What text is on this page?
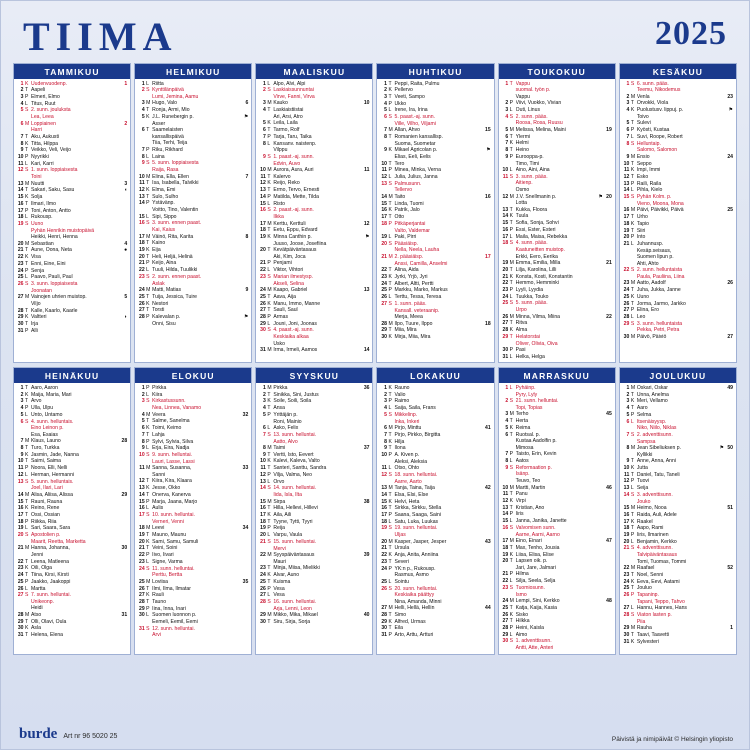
TIIMA	2025
TAMMIKUU
1 K Uudenvuodenp.	1
2 T Aapeli
3 P Elmeri, Elmo
4 L Titus, Ruut
5 S 2. sunn. jouluksta
Lea, Leea
6 M Loppiainen	2
Harri
7 T Aku, Aukusti
8 K Titta, Hilppa
9 T Veikko, Veli, Veijo
10 P Nyyrikki
11 L Kari, Karri
12 S 1. sunn. loppiaisesta
Toini
13 M Nuutti	3
14 T Sakari, Saku, Sasu
◖
15 K Solja
16 T Ilmari, Ilmo
17 P Toni, Anton, Antto
18 L Rukousp.
19 S Uuno
Pyhän Henrikin muistopäivä
Heikki, Henri, Henna
20 M Sebastian	4
21 T Aune, Oona, Neta
●
22 K Visa
23 T Enni, Eine, Eini
24 P Senja
25 L Paavo, Pauli, Paul
26 S 3. sunn. loppiaisesta
Joonatan
27 M Vainojen uhrien muistop.	5
Viljo
28 T Kalle, Kaarlo, Kaarle
29 K Valtteri
◗
30 T Irja
31 P Alli
HELMIKUU
1 L Riitta
2 S Kynttilänpäivä
Lumi, Jemina, Aamu
3 M Hugo, Valo	6
4 T Ronja, Armi, Mio
5 K J.L. Runebergin p.	⚑
Asser
6 T Saamelaisten
kansallispäivä
Tiia, Terhi, Teija
7 P Riku, Rikhard
8 L Laina
9 S 5. sunn. loppiaisesta
Raija, Rasa
10 M Elina, Ella, Ellen	7
11 T Isa, Isabella, Talvikki
12 K Elma, Emi
13 T Sulo, Sulho
14 P Ystävänp.
Voitto, Tino, Valentin
15 L Sipi, Sippo
16 S 3. sunn. ennen paast.
Kai, Kaius
17 M Väinö, Rita, Karita	8
18 T Kaino
19 K Eija
20 T Heli, Heljä, Helinä
21 P Keijo, Aina
22 L Tuuli, Hilda, Tuulikki
23 S 2. sunn. ennen paast.
Aslak
24 M Matti, Matias	9
25 T Tuija, Jessica, Tuire
26 K Nestori
27 T Torsti
28 P Kalevalan p.	⚑
Onni, Sisu
MAALISKUU
1 L Alpo, Alvi, Alpi
2 S Laskiaissunnuntai
Virve, Fanni, Virva
3 M Kauko	10
4 T Laskiaistiistai
Ari, Arsi, Atro
5 K Leila, Laila
6 T Tarmo, Rolf
7 P Tarja, Taru, Taika
8 L Kansanv. naistenp.
Vilppu
9 S 1. paast.-aj. sunn.
Edvin, Auvo
10 M Aurora, Aura, Auri	11
11 T Kalervo
12 K Reijo, Reko
13 T Ermo, Tervo, Ernesti
14 P Matilda, Mette, Tilda
15 L Risto
16 S 2. paast.-aj. sunn.
Ilkka
17 M Kerttu, Kerttuli	12
18 T Eetu, Eppu, Edvard
19 K Minna Canthin p.	⚑
Juuso, Joose, Josefiina
20 T Kevätpäiväntasaus
Aki, Kim, Joca
21 P Penjami
22 L Viktor, Vihtori
23 S Marian ilmestysp.
Akseli, Selina
24 M Kaapo, Gabriel	13
25 T Aava, Aija
26 K Manu, Immo, Manne
27 T Sauli, Saul
28 P Armas
29 L Jouni, Joni, Joonas
30 S 4. paast.-aj. sunn.
Keskiaika alkaa
Usko
31 M Irma, Irmeli, Aamos	14
HUHTIKUU
1 T Peppi, Raita, Pulmu
2 K Pellervo
3 T Veeti, Sampo
4 P Ukko
5 L Irene, Ira, Irina
6 S 5. paast.-aj. sunn.
Ville, Vilho, Viljami
7 M Allan, Ahvo	15
8 T Romanien kansallisp.
Suoma, Suometar
9 K Mikael Agricolan p.	⚑
Elias, Eeli, Eelis
10 T Tero
11 P Minea, Minka, Verna
12 L Julia, Julius, Janna
13 S Palmusunn.
Tellervo
14 M Taito	16
15 T Linda, Tuomi
16 K Patrik, Jalo
17 T Otto
18 P Pitkäperjantai
Valto, Valdemar
19 L Paki, Pirri
20 S Pääsiäisp.
Nella, Neela, Lauha
21 M 2. pääsiäisp.	17
Anssi, Camilla, Anselmi
22 T Alina, Aida
23 K Jyrki, Yrjö, Jyri
24 T Albert, Altti, Pertti
25 P Markku, Marko, Markus
26 L Terttu, Tessa, Teresa
27 S 1. sunn. pääs.
Kansall. veteraanip.
Merja, Meea
28 M Ilpo, Tuure, Ilppo	18
29 T Miia, Mira
30 K Mirja, Miia, Mira
TOUKOKUU
1 T Vappu
suomal. työn p.
Vappu
2 P Viivi, Vuokko, Vivian
3 L Outi, Linus
4 S 2. sunn. pääs.
Roosa, Rosa, Ruusu
5 M Melissa, Melina, Maini	19
6 T Ylermi
7 K Helmi
8 T Heino
9 P Eurooppa-p.
Timo, Timi
10 L Aino, Aini, Aina
11 S 3. sunn. pääs.
Aitienp.
Osmo
12 M J.V. Snellmanin p.	⚑ 20
Lotta
13 T Kukka, Floora
14 K Tuula
15 T Sofia, Sonja, Sohvi
16 P Essi, Ester, Esteri
17 L Maila, Maisa, Rebekka
18 S 4. sunn. pääs.
Kaatuneitten muistop.
Erkki, Eero, Eerika
19 M Emma, Emilia, Milla	21
20 T Lilja, Karolina, Lilli
21 K Konsta, Kosti, Konstantin
22 T Hemmo, Hemminki
23 P Lyyli, Lyydia
24 L Tuukka, Touko
25 S 5. sunn. pääs.
Urpo
26 M Minna, Vilma, Miina	22
27 T Ritva
28 K Alma
29 T Helatorstai
Oliver, Olivia, Oiva
30 P Pasi
31 L Helka, Helga
KESÄKUU
1 S 6. sunn. pääs.
Teemu, Nikodemus
2 M Venla	23
3 T Orvokki, Viola
4 K Puolustusv. lippuj. p.	⚑
Toivo
5 T Sulevi
6 P Kyösti, Kustaa
7 L Suvi, Roope, Robert
8 S Helluntaip.
Salomo, Salomon
9 M Ensio	24
10 T Seppo
11 K Impi, Immi
12 T Esko
13 P Raili, Raila
14 L Pihla, Kielo
15 S Pyhän Kolm. p.
Vieno, Moona, Mona
16 M Päivi, Päivikki, Päivä	25
17 T Urho
18 K Tapio
19 T Siiri
20 P Into
21 L Juhannusp.
Kesäp.seisaus,
Suomen lipun p.
Ahti, Ahto
22 S 2. sunn. helluntaista
Paula, Pauliina, Liina
23 M Aatto, Aadolf	26
24 T Juha, Jukka, Janne
25 K Uuno
26 T Jorma, Jarmo, Jarkko
27 P Elina, Ero
28 L Leo
29 S 3. sunn. helluntaista
Pekka, Petri, Petra
30 M Päivö, Päiviö	27
HEINÄKUU
1 T Aaro, Aaron
2 K Maija, Maria, Mari
3 T Arvo
4 P Ulla, Ulpu
5 L Unto, Untamo
6 S 4. sunn. helluntais.
Eino Leinon p.
Esa, Esaias
7 M Klaus, Launo	28
8 T Turo, Turkka
9 K Jasmin, Jade, Nanna
10 T Saimi, Saima
11 P Noora, Elli, Nelli
12 L Herman, Hermanni
13 S 5. sunn. helluntais.
Joel, Ilari, Lari
14 M Alisa, Aliisa, Alissa	29
15 T Rauni, Rauna
16 K Reino, Rene
17 T Ossi, Ossian
18 P Riikka, Riia
19 L Sari, Saara, Sara
20 S Apostolien p.
Maarit, Reetta, Marketta
21 M Hanna, Johanna,	30
Jenni
22 T Leena, Matleena
23 K Oili, Olga
24 T Tiina, Kirsi, Kirsti
25 P Jaakko, Jaakoppi
26 L Martta
27 S 7. sunn. helluntai.
Unikeonp.
Heidi
28 M Atso	31
29 T Olli, Olavi, Oula
30 K Asla
31 T Helena, Elena
ELOKUU
1 P Pirkka
2 L Kiira
3 S Kirkastussunn.
Nea, Linnea, Vanamo
4 M Veera	32
5 T Salme, Sanelma
6 K Toimi, Keimo
7 T Lahja
8 P Sylvi, Sylvia, Silva
9 L Erja, Eira, Nadja
10 S 9. sunn. helluntai.
Lauri, Lasse, Lassi
11 M Sanna, Susanna,	33
Sanni
12 T Kiira, Kira, Klaara
13 K Jesse, Okko
14 T Onerva, Kanerva
15 P Marja, Jaana, Marjo
16 L Aulis
17 S 10. sunn. helluntai.
Verneri, Venni
18 M Leevi	34
19 T Mauno, Maunu
20 K Sami, Samu, Samuli
21 T Veini, Soini
22 P Iivo, Iivari
23 L Signe, Varma
24 S 11. sunn. helluntai.
Perttu, Bertta
25 M Loviisa	35
26 T Ilmi, Ilma, Ilmatar
27 K Rauli
28 T Tauno
29 P Iina, Inna, Inari
30 L Suomen luonnon p.
Eemeli, Eemil, Eemi
31 S 12. sunn. helluntai.
Arvi
SYYSKUU
1 M Pirkka	36
2 T Sinikka, Sini, Justus
3 K Soile, Soili, Soila
4 T Ansa
5 P Yrittäjän p.
Roni, Mainio
6 L Asko, Felix
7 S 13. sunn. helluntai.
Aatto, Alvo
8 M Taimi	37
9 T Vertti, Isto, Eevert
10 K Kalevi, Kaleva, Valto
11 T Santeri, Santtu, Sandra
12 P Vilja, Valma, Neo
13 L Orvo
14 S 14. sunn. helluntai.
Iida, Isla, Ilta
15 M Sirpa	38
16 T Hilla, Hellevi, Hillevi
17 K Aila, Aili
18 T Tyyne, Tytti, Tyyri
19 P Reija
20 L Varpu, Vaula
21 S 15. sunn. helluntai.
Mervi
22 M Syyspäiväntasaus	39
Mauri
23 T Minja, Miisa, Mielikki
24 K Alvar, Auno
25 T Kuisma
26 P Vesa
27 L Vesa
28 S 16. sunn. helluntai.
Arja, Lenni, Leon
29 M Mikko, Mika, Mikael	40
30 T Siru, Sirja, Sorja
LOKAKUU
1 K Rauno
2 T Valio
3 P Raimo
4 L Saija, Saila, Frans
5 S Mikkelinp.
Inka, Inkeri
6 M Pirjo, Minttu	41
7 T Pirjo, Pirkko, Birgitta
8 K Hilja
9 T Ilona
10 P A. Kiven p.
Aleksi, Aleksia
11 L Otso, Ohto
12 S 18. sunn. helluntai.
Aarre, Aarto
13 M Tanja, Taina, Taija	42
14 T Elsa, Elsi, Else
15 K Helvi, Heta
16 T Sirkka, Sirkku, Stella
17 P Saana, Saaga, Saini
18 L Satu, Luka, Luukas
19 S 19. sunn. helluntai.
Uljas
20 M Kasper, Jasper, Jesper	43
21 T Ursula
22 K Anja, Anita, Anniina
23 T Severi
24 P YK:n p., Rukousp.
Rasmus, Asmo
25 L Sointu
26 S 20. sunn. helluntai.
Keskiaika päättyy
Nina, Amanda, Minni
27 M Helli, Hellä, Hellin	44
28 T Simo
29 K Alfred, Urmas
30 T Eila
31 P Arto, Arttu, Artturi
MARRASKUU
1 L Pyhäinp.
Pyry, Lyly
2 S 21. sunn. helluntai.
Topi, Topias
3 M Terho	45
4 T Herta
5 K Reima
6 T Ruotsal. p.
Kustaa Aadolfin p.
Mimosa
7 P Taisto, Erin, Kevin
8 L Aatos
9 S Reformaation p.
Isänp.
Teuvo, Teo
10 M Martti, Martin	46
11 T Panu
12 K Virpi
13 T Kristian, Ano
14 P Iiris
15 L Janna, Janika, Janette
16 S Valvomisen sunn.
Aarne, Aarni, Aarno
17 M Eino, Einari	47
18 T Max, Tenho, Jousia
19 K Liisa, Elisa, Elise
20 T Lapsen oik. p.
Jari, Jare, Jalmari
21 P Hilma
22 L Silja, Seela, Selja
23 S Tuomiosunn.
Ismo
24 M Lempi, Sini, Kerkko	48
25 T Katja, Kaija, Kasia
26 K Sisko
27 T Hilkka
28 P Heini, Kaisla
29 L Aimo
30 S 1. adventtisunn.
Antti, Atte, Anteri
JOULUKUU
1 M Oskari, Oskar	49
2 T Unna, Anelma
3 K Meri, Vellamo
4 T Aaro
5 P Selma
6 L Itsenäisyysp.
Niko, Niilo, Niklas
7 S 2. adventtisunn.
Sampsa
8 M Jean Sibeliuksen p.	⚑ 50
Kyllikki
9 T Anne, Anna, Anni
10 K Jutta
11 T Daniel, Tatu, Taneli
12 P Tuovi
13 L Seija
14 S 3. adventtisunn.
Jouko
15 M Heimo, Nooa	51
16 T Raida, Auli, Adele
17 K Raakel
18 T Aapo, Rami
19 P Iiris, Ilmarinen
20 L Benjamin, Kerkko
21 S 4. adventtisunn.
Talvipäiväntasaus
Tomi, Tuomas, Tommi
22 M Raafael	52
23 T Noel, Senni
24 K Eeva, Eevi, Aatami
25 T Jouluo
26 P Tapaninp.
Tapani, Teppo, Tahvo
27 L Hannu, Hannes, Hans
28 S Viaton lasten p.
Piia
29 M Rauha	1
30 T Taavi, Taavetti
31 K Sylvesteri
burde Art nr 96 5020 25	Päivistä ja nimipäivät © Helsingin yliopisto
